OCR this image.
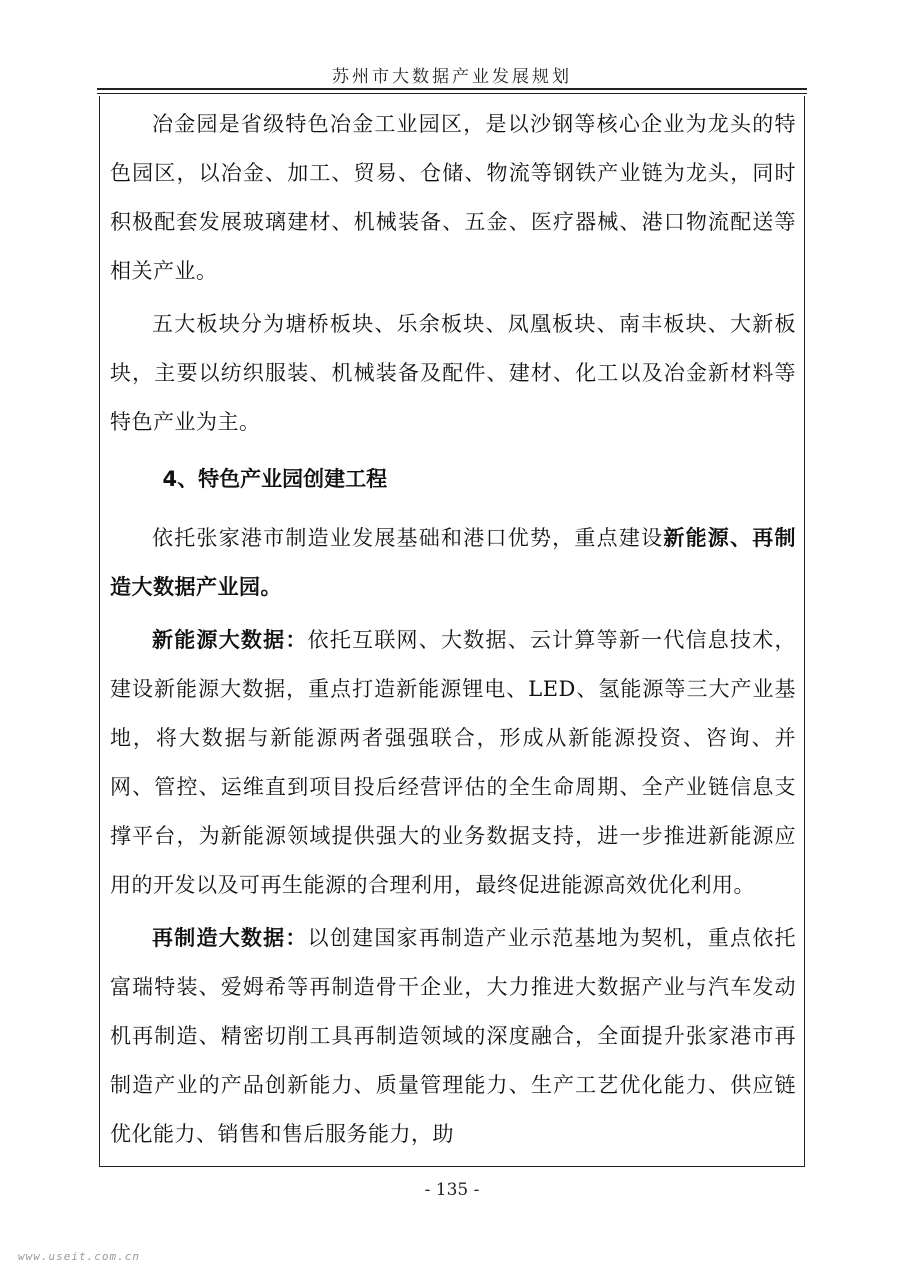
苏州市大数据产业发展规划

冶金园是省级特色冶金工业园区，是以沙钢等核心企业为龙头的特色园区，以冶金、加工、贸易、仓储、物流等钢铁产业链为龙头，同时积极配套发展玻璃建材、机械装备、五金、医疗器械、港口物流配送等相关产业。

五大板块分为塘桥板块、乐余板块、凤凰板块、南丰板块、大新板块，主要以纺织服装、机械装备及配件、建材、化工以及冶金新材料等特色产业为主。

4、特色产业园创建工程

依托张家港市制造业发展基础和港口优势，重点建设新能源、再制造大数据产业园。

新能源大数据：依托互联网、大数据、云计算等新一代信息技术，建设新能源大数据，重点打造新能源锂电、LED、氢能源等三大产业基地，将大数据与新能源两者强强联合，形成从新能源投资、咨询、并网、管控、运维直到项目投后经营评估的全生命周期、全产业链信息支撑平台，为新能源领域提供强大的业务数据支持，进一步推进新能源应用的开发以及可再生能源的合理利用，最终促进能源高效优化利用。

再制造大数据：以创建国家再制造产业示范基地为契机，重点依托富瑞特装、爱姆希等再制造骨干企业，大力推进大数据产业与汽车发动机再制造、精密切削工具再制造领域的深度融合，全面提升张家港市再制造产业的产品创新能力、质量管理能力、生产工艺优化能力、供应链优化能力、销售和售后服务能力，助

- 135 -
www.useit.com.cn
